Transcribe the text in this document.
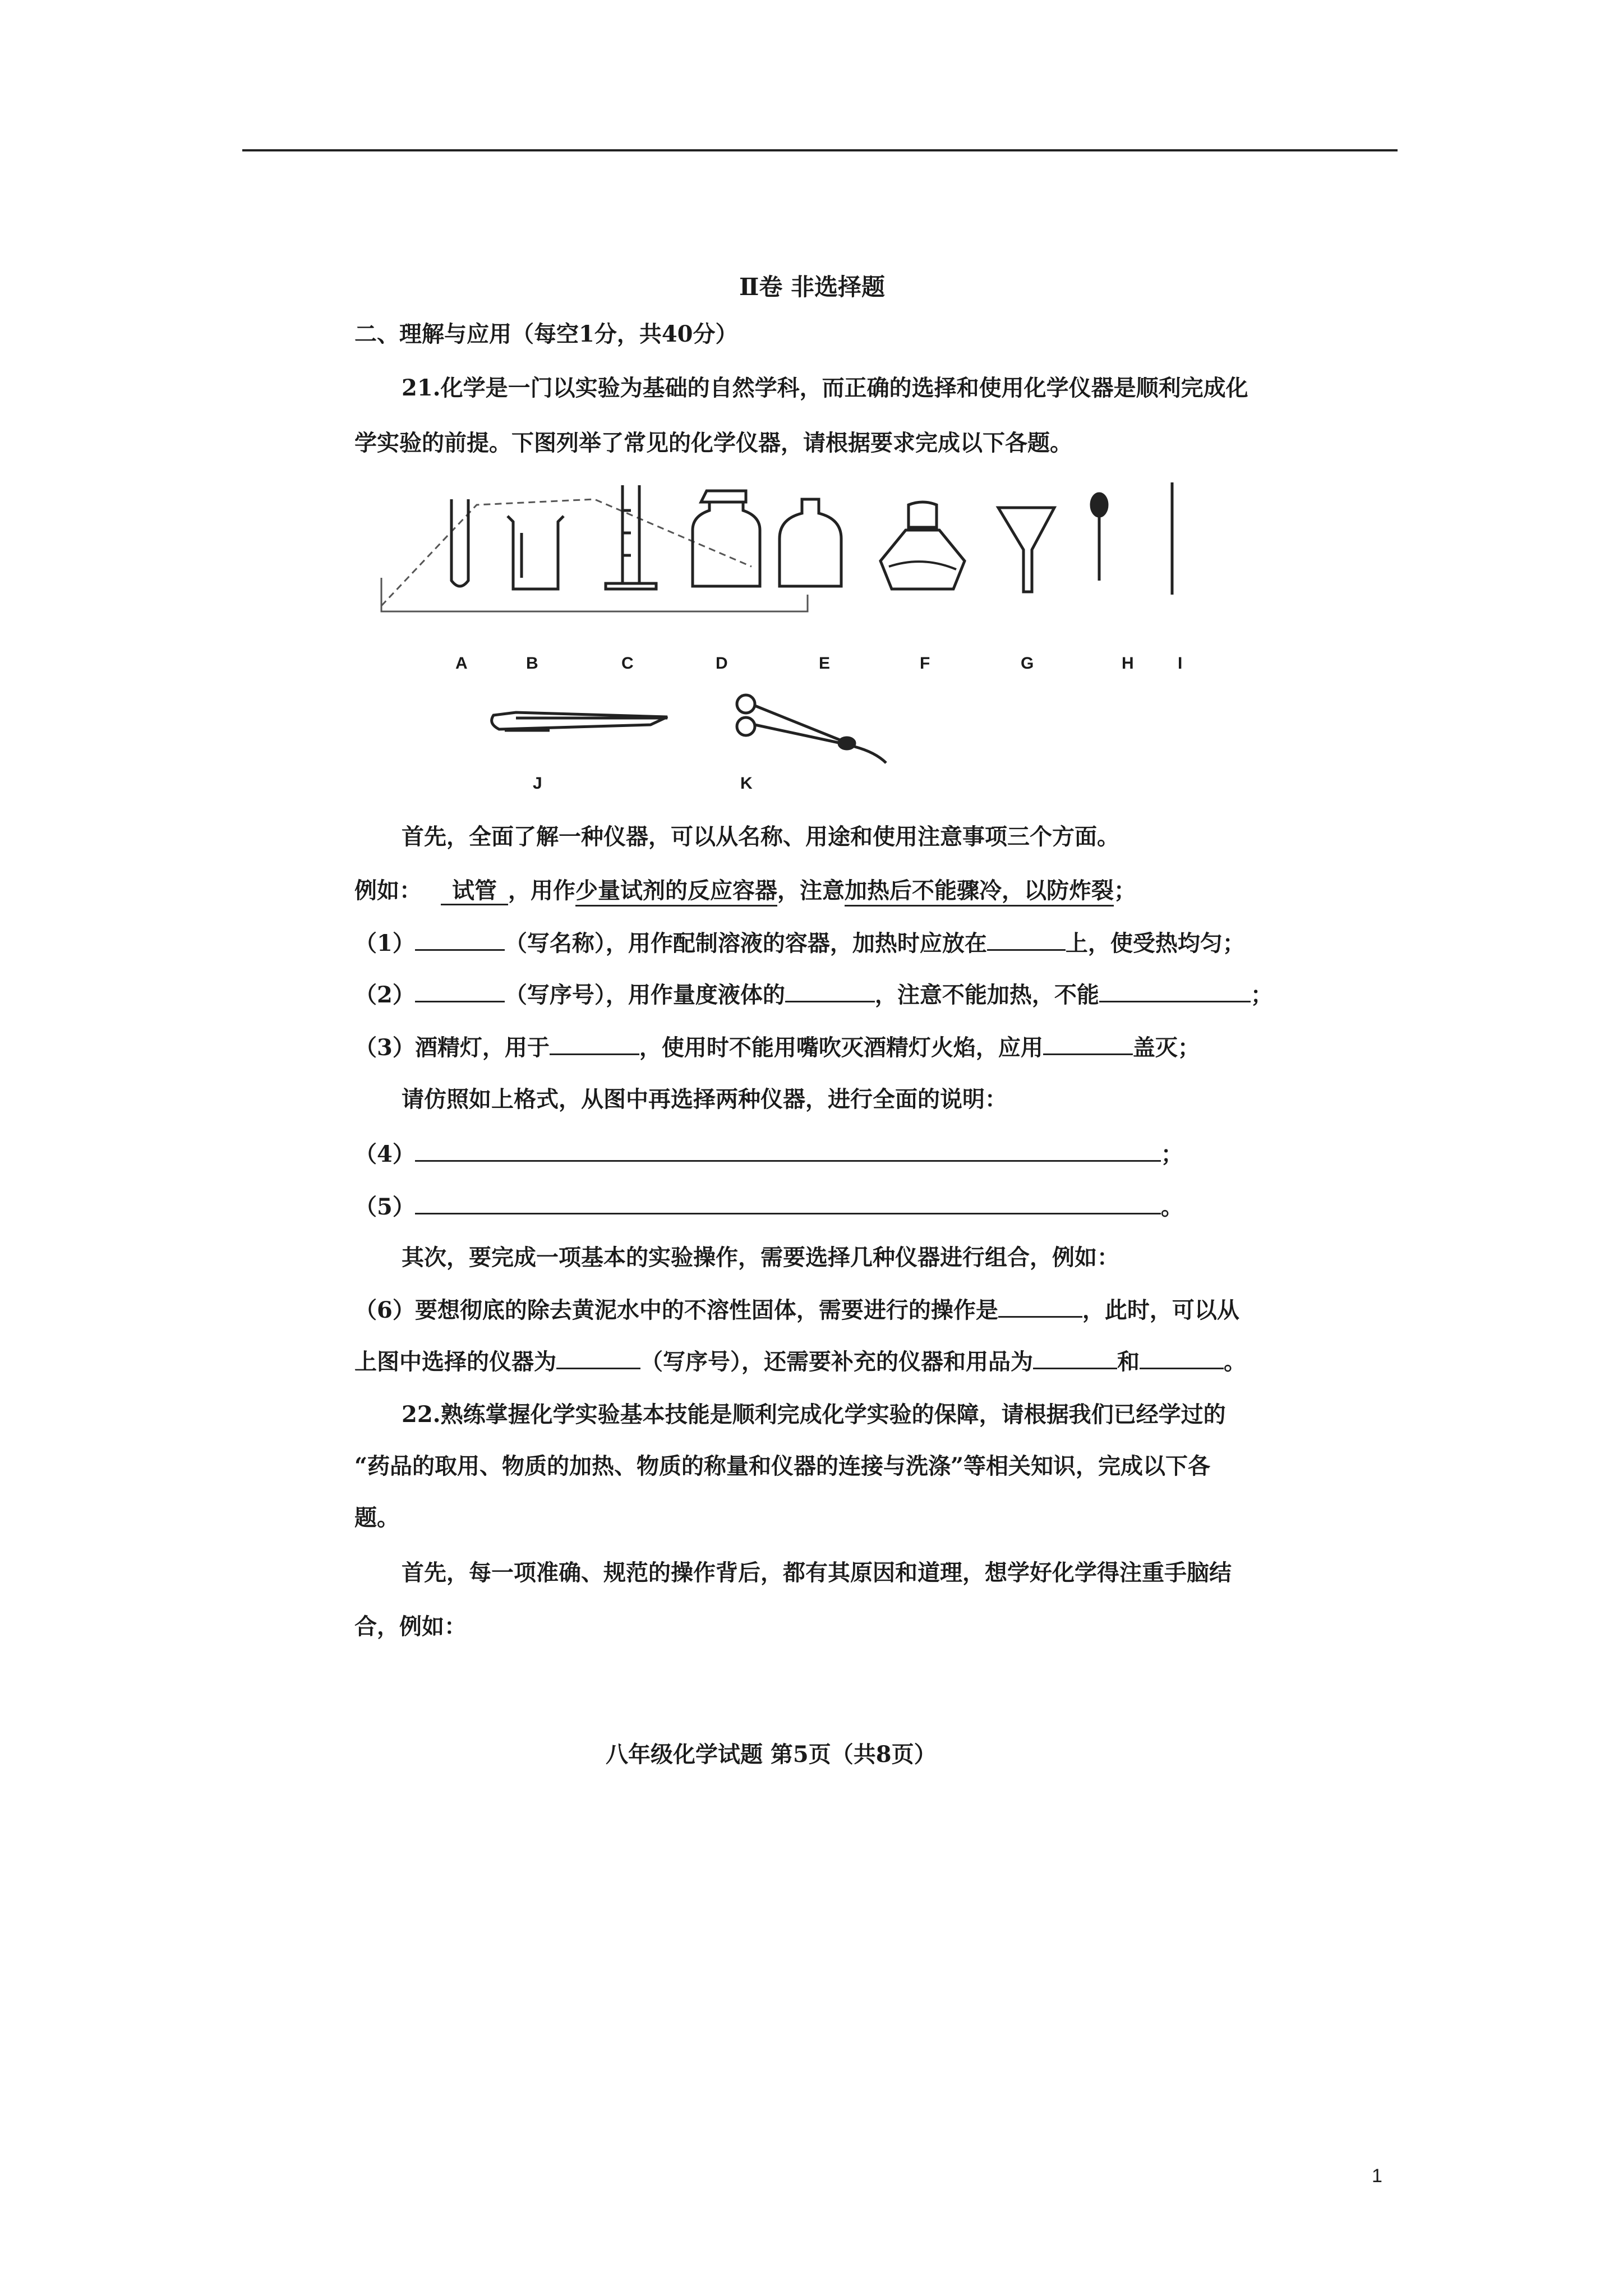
Ⅱ卷 非选择题
二、理解与应用（每空1分，共40分）
21.化学是一门以实验为基础的自然学科，而正确的选择和使用化学仪器是顺利完成化
学实验的前提。下图列举了常见的化学仪器，请根据要求完成以下各题。
A	B	C	D	E	F	G	H	I
J	K
首先，全面了解一种仪器，可以从名称、用途和使用注意事项三个方面。
例如： 试管 ，用作少量试剂的反应容器，注意加热后不能骤冷，以防炸裂；
（1）	（写名称），用作配制溶液的容器，加热时应放在	上，使受热均匀；
（2）	（写序号），用作量度液体的	，注意不能加热，不能	；
（3）酒精灯，用于	，使用时不能用嘴吹灭酒精灯火焰，应用	盖灭；
请仿照如上格式，从图中再选择两种仪器，进行全面的说明：
（4）	；
（5）	。
其次，要完成一项基本的实验操作，需要选择几种仪器进行组合，例如：
（6）要想彻底的除去黄泥水中的不溶性固体，需要进行的操作是	，此时，可以从
上图中选择的仪器为	（写序号），还需要补充的仪器和用品为	和	。
22.熟练掌握化学实验基本技能是顺利完成化学实验的保障，请根据我们已经学过的
“药品的取用、物质的加热、物质的称量和仪器的连接与洗涤”等相关知识，完成以下各
题。
首先，每一项准确、规范的操作背后，都有其原因和道理，想学好化学得注重手脑结
合，例如：
八年级化学试题 第5页（共8页）
1
